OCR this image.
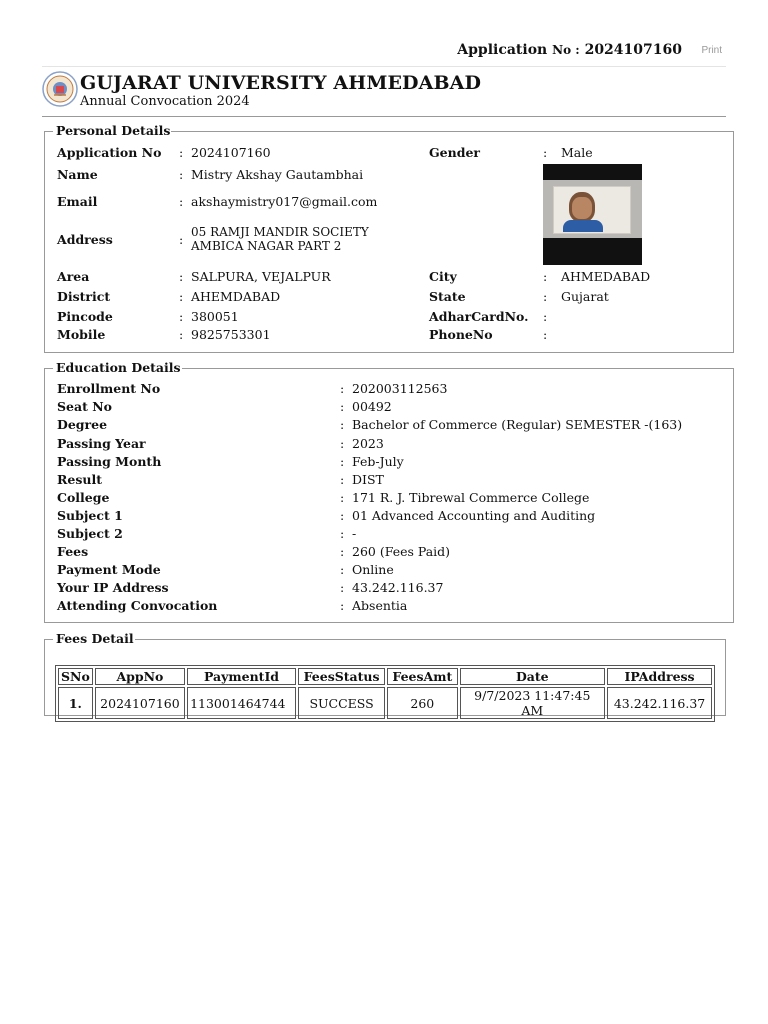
Application No : 2024107160 Print
GUJARAT UNIVERSITY AHMEDABAD
Annual Convocation 2024
Personal Details
Application No : 2024107160	Gender	: Male
Name	: Mistry Akshay Gautambhai
Email	: akshaymistry017@gmail.com
Address	: 05 RAMJI MANDIR SOCIETY
AMBICA NAGAR PART 2
Area	: SALPURA, VEJALPUR	City	: AHMEDABAD
District	: AHEMDABAD	State	: Gujarat
Pincode	: 380051	AdharCardNo. :
Mobile	: 9825753301	PhoneNo	:
Education Details
Enrollment No	: 202003112563
Seat No	: 00492
Degree	: Bachelor of Commerce (Regular) SEMESTER -(163)
Passing Year	: 2023
Passing Month	: Feb-July
Result	: DIST
College	: 171 R. J. Tibrewal Commerce College
Subject 1	: 01 Advanced Accounting and Auditing
Subject 2	: -
Fees	: 260 (Fees Paid)
Payment Mode	: Online
Your IP Address	: 43.242.116.37
Attending Convocation	: Absentia
Fees Detail
SNo	AppNo	PaymentId	FeesStatus	FeesAmt	Date	IPAddress
1.	2024107160	113001464744	SUCCESS	260	9/7/2023 11:47:45 AM	43.242.116.37
